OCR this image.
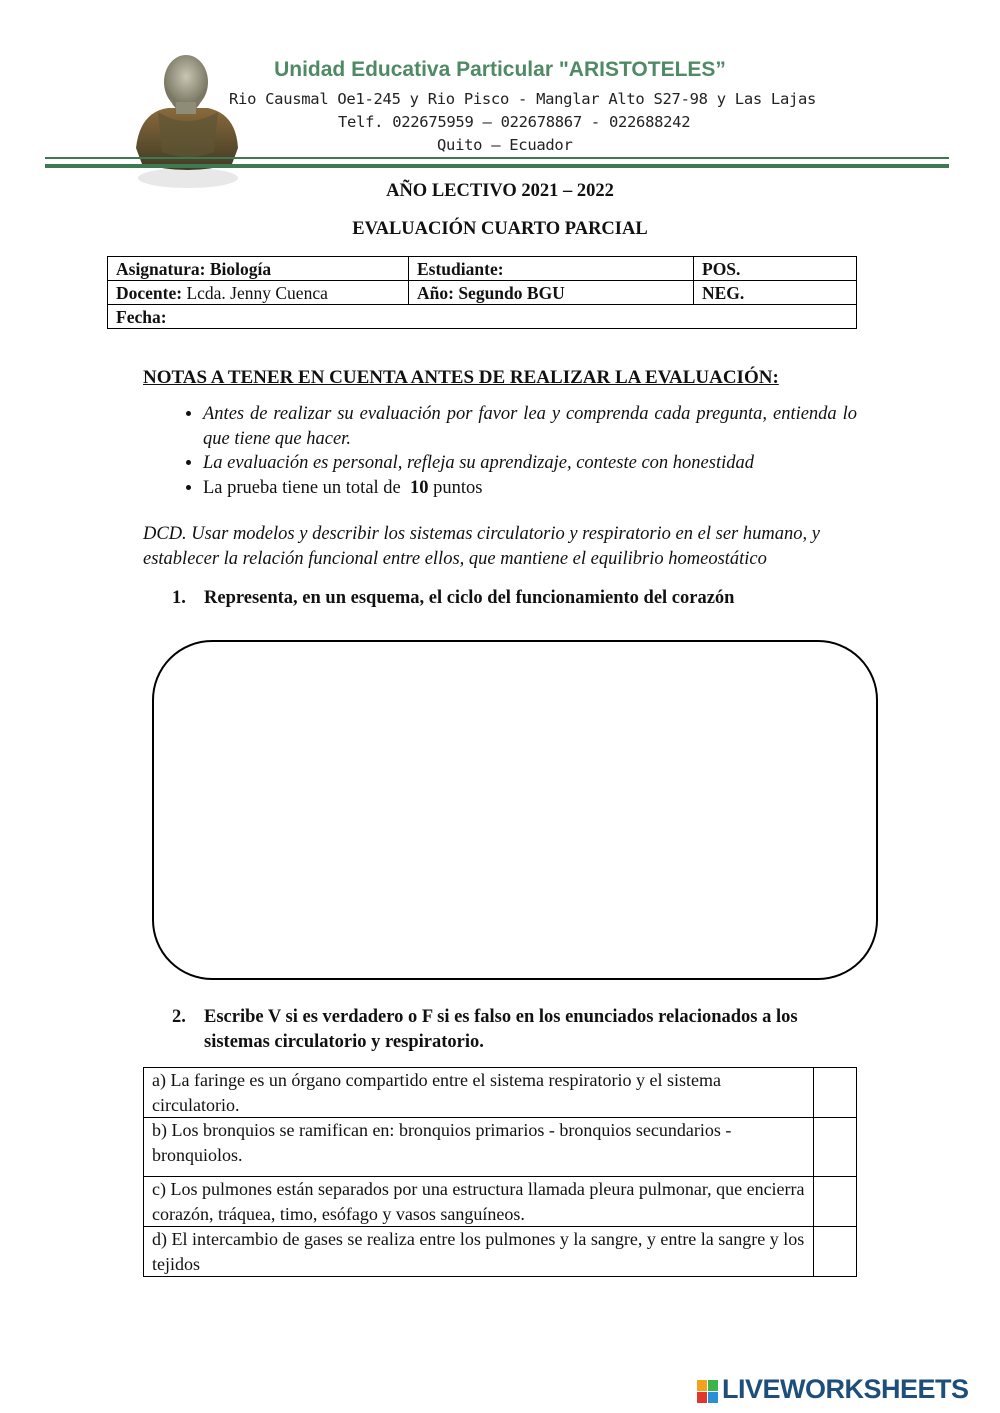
Unidad Educativa Particular "ARISTOTELES”
Rio Causmal Oe1-245 y Rio Pisco - Manglar Alto S27-98 y Las Lajas
Telf. 022675959 – 022678867 - 022688242
Quito – Ecuador
AÑO LECTIVO 2021 – 2022
EVALUACIÓN CUARTO PARCIAL
Asignatura: Biología	Estudiante:	POS.
Docente: Lcda. Jenny Cuenca	Año: Segundo BGU	NEG.
Fecha:		
NOTAS A TENER EN CUENTA ANTES DE REALIZAR LA EVALUACIÓN:
• Antes de realizar su evaluación por favor lea y comprenda cada pregunta, entienda lo que tiene que hacer.
• La evaluación es personal, refleja su aprendizaje, conteste con honestidad
• La prueba tiene un total de 10 puntos
DCD. Usar modelos y describir los sistemas circulatorio y respiratorio en el ser humano, y establecer la relación funcional entre ellos, que mantiene el equilibrio homeostático
1. Representa, en un esquema, el ciclo del funcionamiento del corazón
2. Escribe V si es verdadero o F si es falso en los enunciados relacionados a los sistemas circulatorio y respiratorio.
a) La faringe es un órgano compartido entre el sistema respiratorio y el sistema circulatorio.	
b) Los bronquios se ramifican en: bronquios primarios - bronquios secundarios - bronquiolos.	
c) Los pulmones están separados por una estructura llamada pleura pulmonar, que encierra corazón, tráquea, timo, esófago y vasos sanguíneos.	
d) El intercambio de gases se realiza entre los pulmones y la sangre, y entre la sangre y los tejidos	
LIVEWORKSHEETS
